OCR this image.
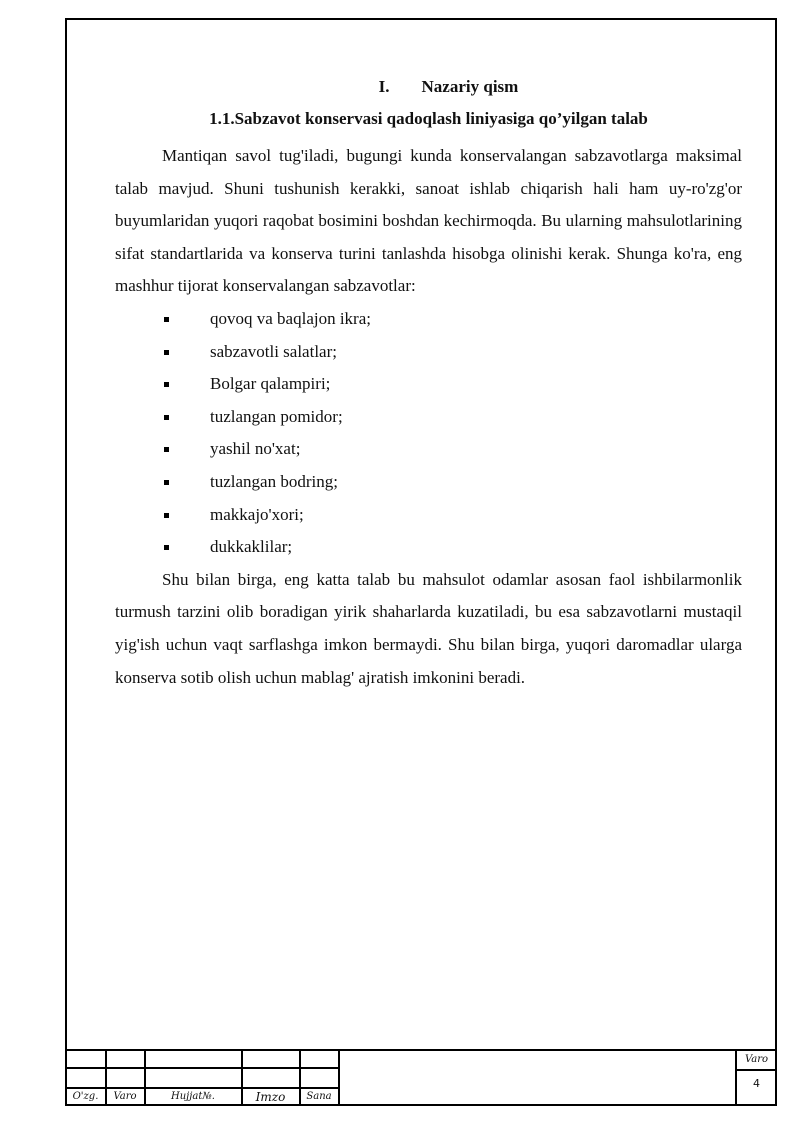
I. Nazariy qism
1.1.Sabzavot konservasi qadoqlash liniyasiga qo’yilgan talab

Mantiqan savol tug'iladi, bugungi kunda konservalangan sabzavotlarga maksimal talab mavjud. Shuni tushunish kerakki, sanoat ishlab chiqarish hali ham uy-ro'zg'or buyumlaridan yuqori raqobat bosimini boshdan kechirmoqda. Bu ularning mahsulotlarining sifat standartlarida va konserva turini tanlashda hisobga olinishi kerak. Shunga ko'ra, eng mashhur tijorat konservalangan sabzavotlar:

qovoq va baqlajon ikra;
sabzavotli salatlar;
Bolgar qalampiri;
tuzlangan pomidor;
yashil no'xat;
tuzlangan bodring;
makkajo'xori;
dukkaklilar;

Shu bilan birga, eng katta talab bu mahsulot odamlar asosan faol ishbilarmonlik turmush tarzini olib boradigan yirik shaharlarda kuzatiladi, bu esa sabzavotlarni mustaqil yig'ish uchun vaqt sarflashga imkon bermaydi. Shu bilan birga, yuqori daromadlar ularga konserva sotib olish uchun mablag' ajratish imkonini beradi.

O'zg.	Varo	Hujjat№.	Imzo	Sana
Varo
4
